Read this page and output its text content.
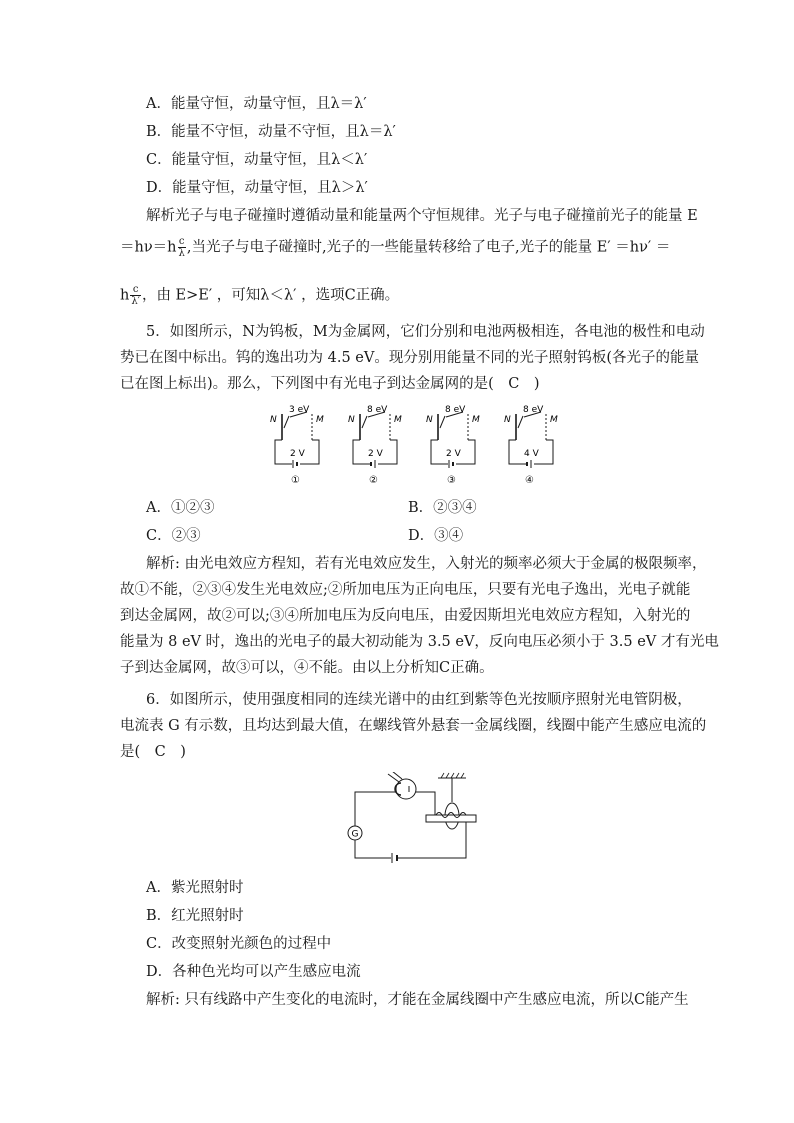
A．能量守恒，动量守恒，且λ＝λ′
B．能量不守恒，动量不守恒，且λ＝λ′
C．能量守恒，动量守恒，且λ＜λ′
D．能量守恒，动量守恒，且λ＞λ′
解析光子与电子碰撞时遵循动量和能量两个守恒规律。光子与电子碰撞前光子的能量 E
$=h\nu=h \frac{c}{\lambda}$ ,当光子与电子碰撞时,光子的一些能量转移给了电子,光子的能量 E′ ＝hν′ ＝
h $\frac{c}{\lambda'}$ ，由 E>E′ ，可知λ＜λ′ ，选项C正确。
5．如图所示，N为钨板，M为金属网，它们分别和电池两极相连，各电池的极性和电动
势已在图中标出。钨的逸出功为 4.5 eV。现分别用能量不同的光子照射钨板(各光子的能量
已在图上标出)。那么，下列图中有光电子到达金属网的是(　C　)
3 eV
N	M
2 V
①
8 eV
N	M
2 V
②
8 eV
N	M
2 V
③
8 eV
N	M
4 V
④
A．①②③	B．②③④
C．②③	D．③④
解析: 由光电效应方程知，若有光电效应发生，入射光的频率必须大于金属的极限频率，
故①不能，②③④发生光电效应;②所加电压为正向电压，只要有光电子逸出，光电子就能
到达金属网，故②可以;③④所加电压为反向电压，由爱因斯坦光电效应方程知，入射光的
能量为 8 eV 时，逸出的光电子的最大初动能为 3.5 eV，反向电压必须小于 3.5 eV 才有光电
子到达金属网，故③可以，④不能。由以上分析知C正确。
6．如图所示，使用强度相同的连续光谱中的由红到紫等色光按顺序照射光电管阴极，
电流表 G 有示数，且均达到最大值，在螺线管外悬套一金属线圈，线圈中能产生感应电流的
是(　C　)
G
A．紫光照射时
B．红光照射时
C．改变照射光颜色的过程中
D．各种色光均可以产生感应电流
解析: 只有线路中产生变化的电流时，才能在金属线圈中产生感应电流，所以C能产生
